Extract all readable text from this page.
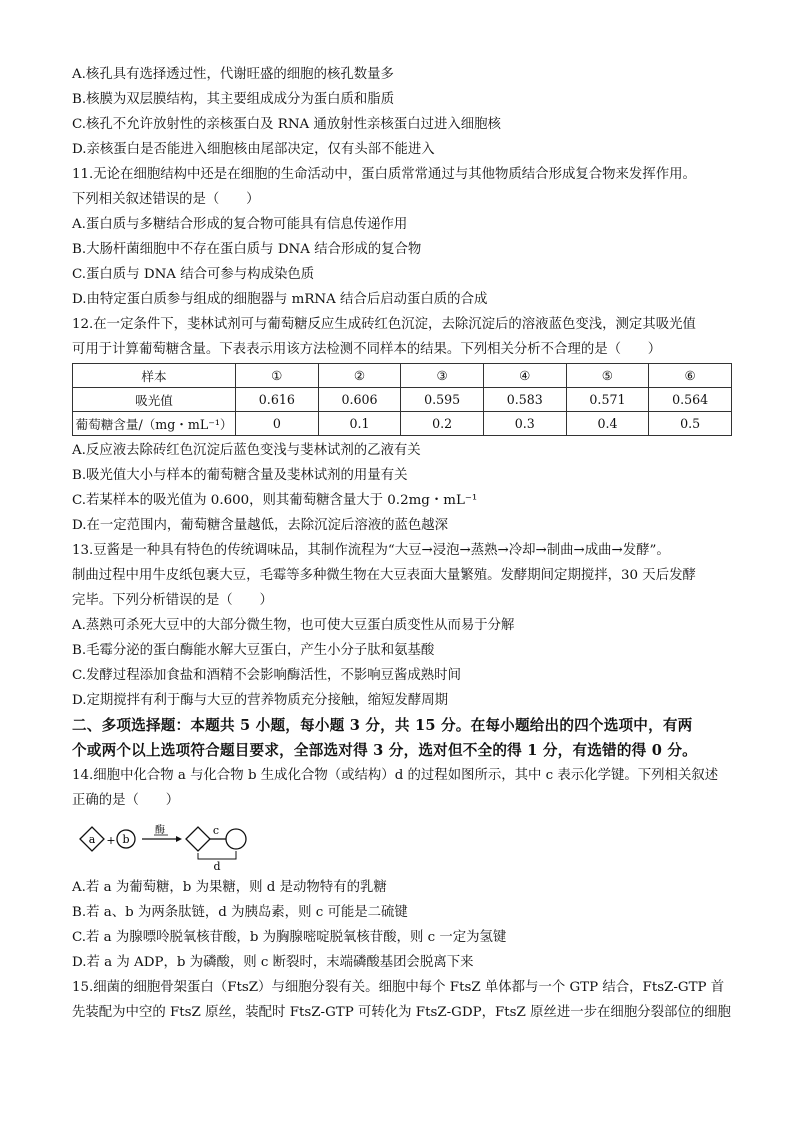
A.核孔具有选择透过性，代谢旺盛的细胞的核孔数量多
B.核膜为双层膜结构，其主要组成成分为蛋白质和脂质
C.核孔不允许放射性的亲核蛋白及 RNA 通放射性亲核蛋白过进入细胞核
D.亲核蛋白是否能进入细胞核由尾部决定，仅有头部不能进入
11.无论在细胞结构中还是在细胞的生命活动中，蛋白质常常通过与其他物质结合形成复合物来发挥作用。
下列相关叙述错误的是（　　）
A.蛋白质与多糖结合形成的复合物可能具有信息传递作用
B.大肠杆菌细胞中不存在蛋白质与 DNA 结合形成的复合物
C.蛋白质与 DNA 结合可参与构成染色质
D.由特定蛋白质参与组成的细胞器与 mRNA 结合后启动蛋白质的合成
12.在一定条件下，斐林试剂可与葡萄糖反应生成砖红色沉淀，去除沉淀后的溶液蓝色变浅，测定其吸光值
可用于计算葡萄糖含量。下表表示用该方法检测不同样本的结果。下列相关分析不合理的是（　　）
样本	①	②	③	④	⑤	⑥
吸光值	0.616	0.606	0.595	0.583	0.571	0.564
葡萄糖含量/（mg・mL⁻¹）	0	0.1	0.2	0.3	0.4	0.5
A.反应液去除砖红色沉淀后蓝色变浅与斐林试剂的乙液有关
B.吸光值大小与样本的葡萄糖含量及斐林试剂的用量有关
C.若某样本的吸光值为 0.600，则其葡萄糖含量大于 0.2mg・mL⁻¹
D.在一定范围内，葡萄糖含量越低，去除沉淀后溶液的蓝色越深
13.豆酱是一种具有特色的传统调味品，其制作流程为“大豆→浸泡→蒸熟→冷却→制曲→成曲→发酵”。
制曲过程中用牛皮纸包裹大豆，毛霉等多种微生物在大豆表面大量繁殖。发酵期间定期搅拌，30 天后发酵
完毕。下列分析错误的是（　　）
A.蒸熟可杀死大豆中的大部分微生物，也可使大豆蛋白质变性从而易于分解
B.毛霉分泌的蛋白酶能水解大豆蛋白，产生小分子肽和氨基酸
C.发酵过程添加食盐和酒精不会影响酶活性，不影响豆酱成熟时间
D.定期搅拌有利于酶与大豆的营养物质充分接触，缩短发酵周期
二、多项选择题：本题共 5 小题，每小题 3 分，共 15 分。在每小题给出的四个选项中，有两
个或两个以上选项符合题目要求，全部选对得 3 分，选对但不全的得 1 分，有选错的得 0 分。
14.细胞中化合物 a 与化合物 b 生成化合物（或结构）d 的过程如图所示，其中 c 表示化学键。下列相关叙述
正确的是（　　）
a + b
酶	c
d
A.若 a 为葡萄糖，b 为果糖，则 d 是动物特有的乳糖
B.若 a、b 为两条肽链，d 为胰岛素，则 c 可能是二硫键
C.若 a 为腺嘌呤脱氧核苷酸，b 为胸腺嘧啶脱氧核苷酸，则 c 一定为氢键
D.若 a 为 ADP，b 为磷酸，则 c 断裂时，末端磷酸基团会脱离下来
15.细菌的细胞骨架蛋白（FtsZ）与细胞分裂有关。细胞中每个 FtsZ 单体都与一个 GTP 结合，FtsZ-GTP 首
先装配为中空的 FtsZ 原丝，装配时 FtsZ-GTP 可转化为 FtsZ-GDP，FtsZ 原丝进一步在细胞分裂部位的细胞
